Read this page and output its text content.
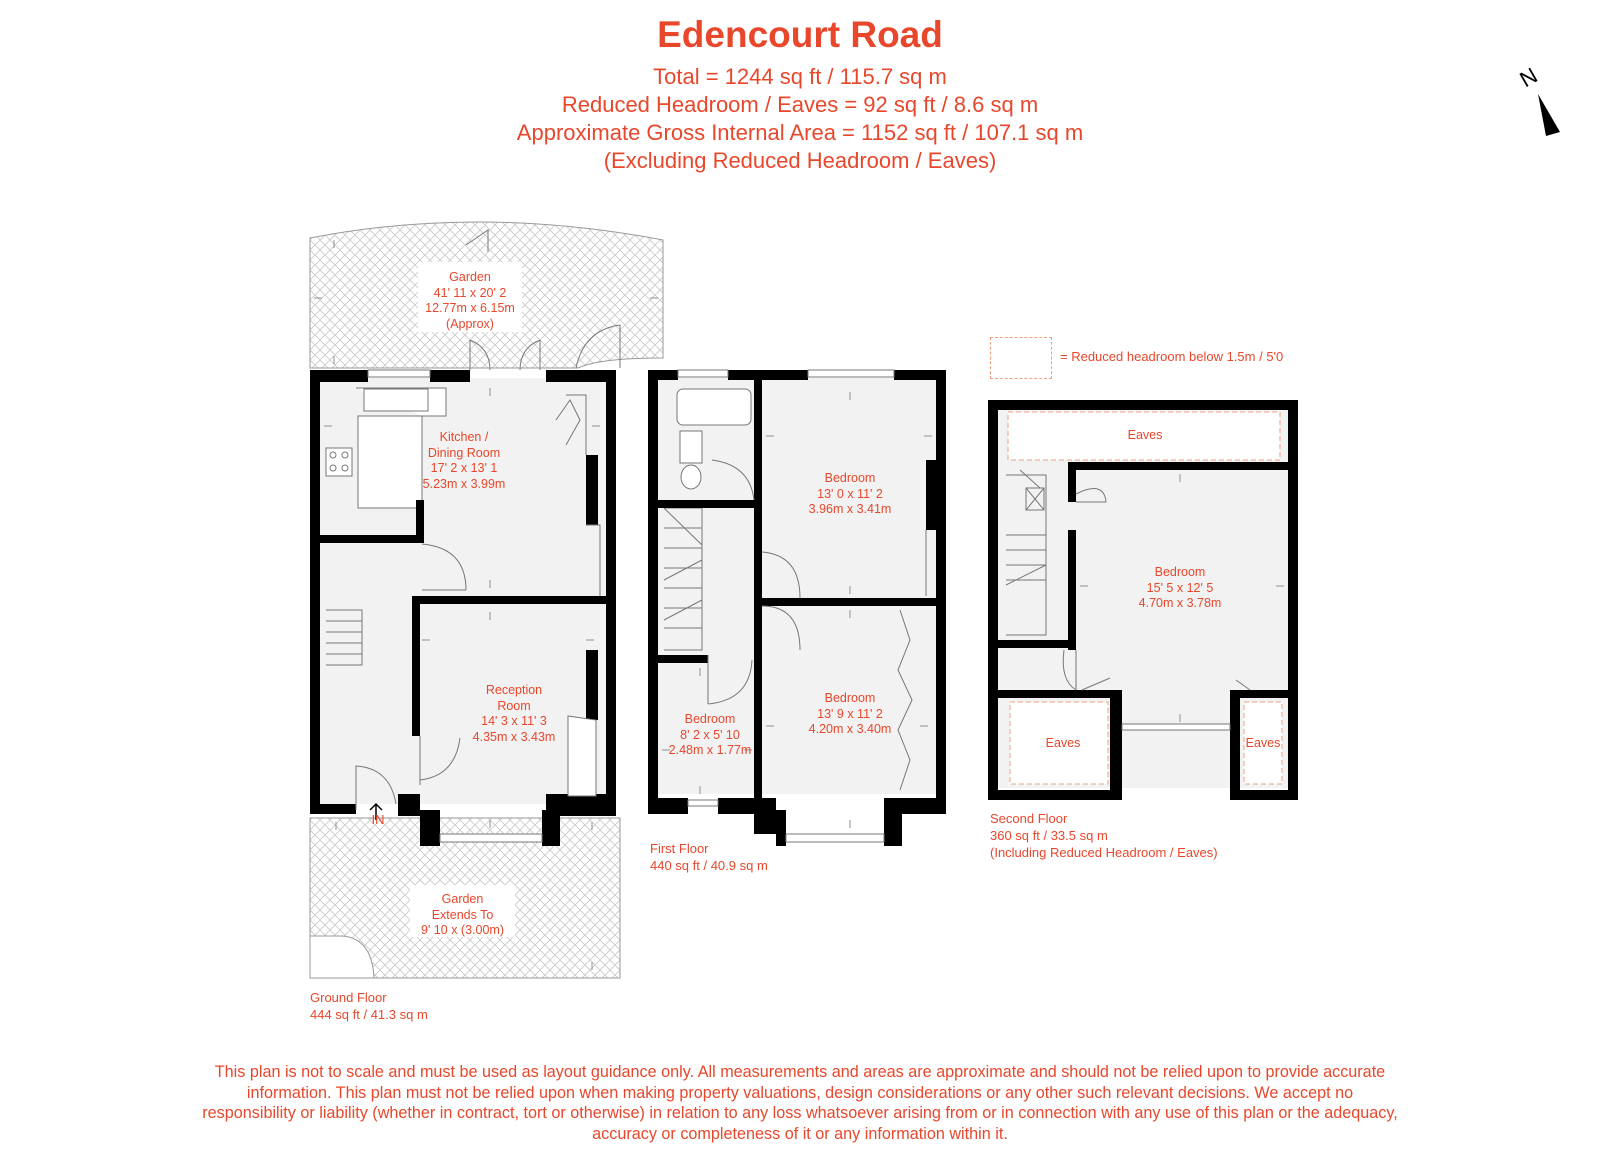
Edencourt Road
Total = 1244 sq ft / 115.7 sq m
Reduced Headroom / Eaves = 92 sq ft / 8.6 sq m
Approximate Gross Internal Area = 1152 sq ft / 107.1 sq m
(Excluding Reduced Headroom / Eaves)
N
= Reduced headroom below 1.5m / 5'0
Garden
41' 11 x 20' 2
12.77m x 6.15m
(Approx)
Kitchen /
Dining Room
17' 2 x 13' 1
5.23m x 3.99m
Reception
Room
14' 3 x 11' 3
4.35m x 3.43m
IN
Garden
Extends To
9' 10 x (3.00m)
Ground Floor
444 sq ft / 41.3 sq m
Bedroom
13' 0 x 11' 2
3.96m x 3.41m
Bedroom
13' 9 x 11' 2
4.20m x 3.40m
Bedroom
8' 2 x 5' 10
2.48m x 1.77m
First Floor
440 sq ft / 40.9 sq m
Eaves
Eaves	Eaves
Bedroom
15' 5 x 12' 5
4.70m x 3.78m
Second Floor
360 sq ft / 33.5 sq m
(Including Reduced Headroom / Eaves)
This plan is not to scale and must be used as layout guidance only. All measurements and areas are approximate and should not be relied upon to provide accurate information. This plan must not be relied upon when making property valuations, design considerations or any other such relevant decisions. We accept no responsibility or liability (whether in contract, tort or otherwise) in relation to any loss whatsoever arising from or in connection with any use of this plan or the adequacy, accuracy or completeness of it or any information within it.
